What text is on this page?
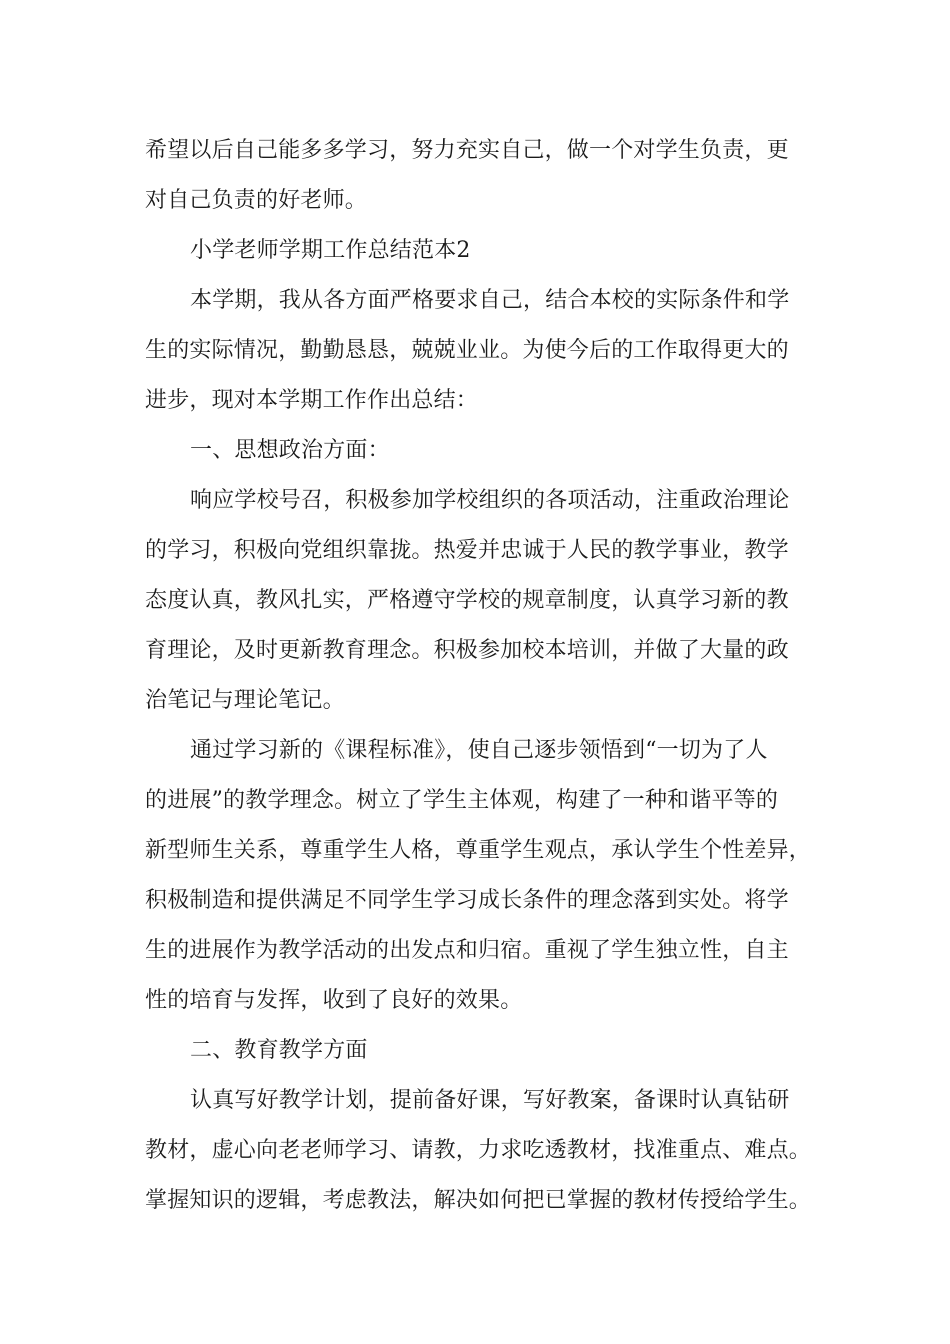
希望以后自己能多多学习，努力充实自己，做一个对学生负责，更
对自己负责的好老师。

小学老师学期工作总结范本2

本学期，我从各方面严格要求自己，结合本校的实际条件和学
生的实际情况，勤勤恳恳，兢兢业业。为使今后的工作取得更大的
进步，现对本学期工作作出总结：

一、思想政治方面：

响应学校号召，积极参加学校组织的各项活动，注重政治理论
的学习，积极向党组织靠拢。热爱并忠诚于人民的教学事业，教学
态度认真，教风扎实，严格遵守学校的规章制度，认真学习新的教
育理论，及时更新教育理念。积极参加校本培训，并做了大量的政
治笔记与理论笔记。

通过学习新的《课程标准》，使自己逐步领悟到“一切为了人
的进展”的教学理念。树立了学生主体观，构建了一种和谐平等的
新型师生关系，尊重学生人格，尊重学生观点，承认学生个性差异，
积极制造和提供满足不同学生学习成长条件的理念落到实处。将学
生的进展作为教学活动的出发点和归宿。重视了学生独立性，自主
性的培育与发挥，收到了良好的效果。

二、教育教学方面

认真写好教学计划，提前备好课，写好教案，备课时认真钻研
教材，虚心向老老师学习、请教，力求吃透教材，找准重点、难点。
掌握知识的逻辑，考虑教法，解决如何把已掌握的教材传授给学生。
